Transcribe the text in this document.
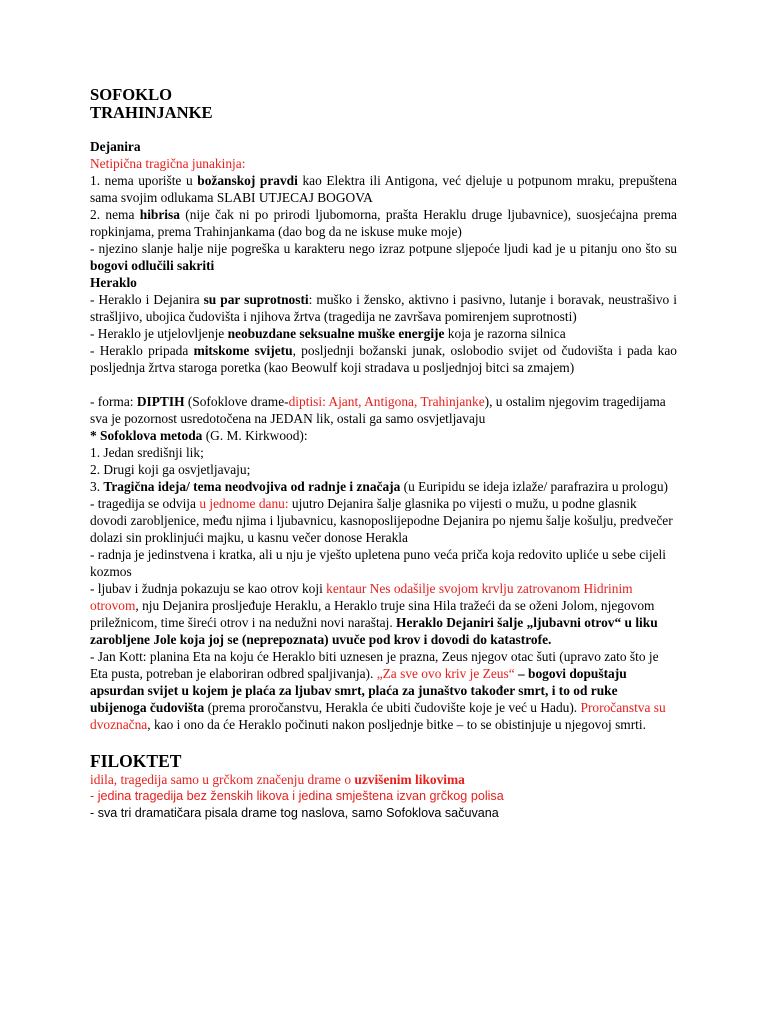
SOFOKLO

TRAHINJANKE

Dejanira

Netipična tragična junakinja:

1. nema uporište u božanskoj pravdi kao Elektra ili Antigona, već djeluje u potpunom mraku, prepuštena sama svojim odlukama SLABI UTJECAJ BOGOVA

2. nema hibrisa (nije čak ni po prirodi ljubomorna, prašta Heraklu druge ljubavnice), suosjećajna prema ropkinjama, prema Trahinjankama (dao bog da ne iskuse muke moje)

- njezino slanje halje nije pogreška u karakteru nego izraz potpune sljepoće ljudi kad je u pitanju ono što su bogovi odlučili sakriti

Heraklo

- Heraklo i Dejanira su par suprotnosti: muško i žensko, aktivno i pasivno, lutanje i boravak, neustrašivo i strašljivo, ubojica čudovišta i njihova žrtva (tragedija ne završava pomirenjem suprotnosti)

- Heraklo je utjelovljenje neobuzdane seksualne muške energije koja je razorna silnica

- Heraklo pripada mitskome svijetu, posljednji božanski junak, oslobodio svijet od čudovišta i pada kao posljednja žrtva staroga poretka (kao Beowulf koji stradava u posljednjoj bitci sa zmajem)

- forma: DIPTIH (Sofoklove drame-diptisi: Ajant, Antigona, Trahinjanke), u ostalim njegovim tragedijama sva je pozornost usredotočena na JEDAN lik, ostali ga samo osvjetljavaju

* Sofoklova metoda (G. M. Kirkwood):

1. Jedan središnji lik;

2. Drugi koji ga osvjetljavaju;

3. Tragična ideja/ tema neodvojiva od radnje i značaja (u Euripidu se ideja izlaže/ parafrazira u prologu)

- tragedija se odvija u jednome danu: ujutro Dejanira šalje glasnika po vijesti o mužu, u podne glasnik dovodi zarobljenice, među njima i ljubavnicu, kasnoposlijepodne Dejanira po njemu šalje košulju, predvečer dolazi sin proklinjući majku, u kasnu večer donose Herakla

- radnja je jedinstvena i kratka, ali u nju je vješto upletena puno veća priča koja redovito upliće u sebe cijeli kozmos

- ljubav i žudnja pokazuju se kao otrov koji kentaur Nes odašilje svojom krvlju zatrovanom Hidrinim otrovom, nju Dejanira prosljeđuje Heraklu, a Heraklo truje sina Hila tražeći da se oženi Jolom, njegovom priležnicom, time šireći otrov i na nedužni novi naraštaj. Heraklo Dejaniri šalje „ljubavni otrov“ u liku zarobljene Jole koja joj se (neprepoznata) uvuče pod krov i dovodi do katastrofe.

- Jan Kott: planina Eta na koju će Heraklo biti uznesen je prazna, Zeus njegov otac šuti (upravo zato što je Eta pusta, potreban je elaboriran odbred spaljivanja). „Za sve ovo kriv je Zeus“ – bogovi dopuštaju apsurdan svijet u kojem je plaća za ljubav smrt, plaća za junaštvo također smrt, i to od ruke ubijenoga čudovišta (prema proročanstvu, Herakla će ubiti čudovište koje je već u Hadu). Proročanstva su dvoznačna, kao i ono da će Heraklo počinuti nakon posljednje bitke – to se obistinjuje u njegovoj smrti.

FILOKTET

idila, tragedija samo u grčkom značenju drame o uzvišenim likovima

- jedina tragedija bez ženskih likova i jedina smještena izvan grčkog polisa

- sva tri dramatičara pisala drame tog naslova, samo Sofoklova sačuvana
